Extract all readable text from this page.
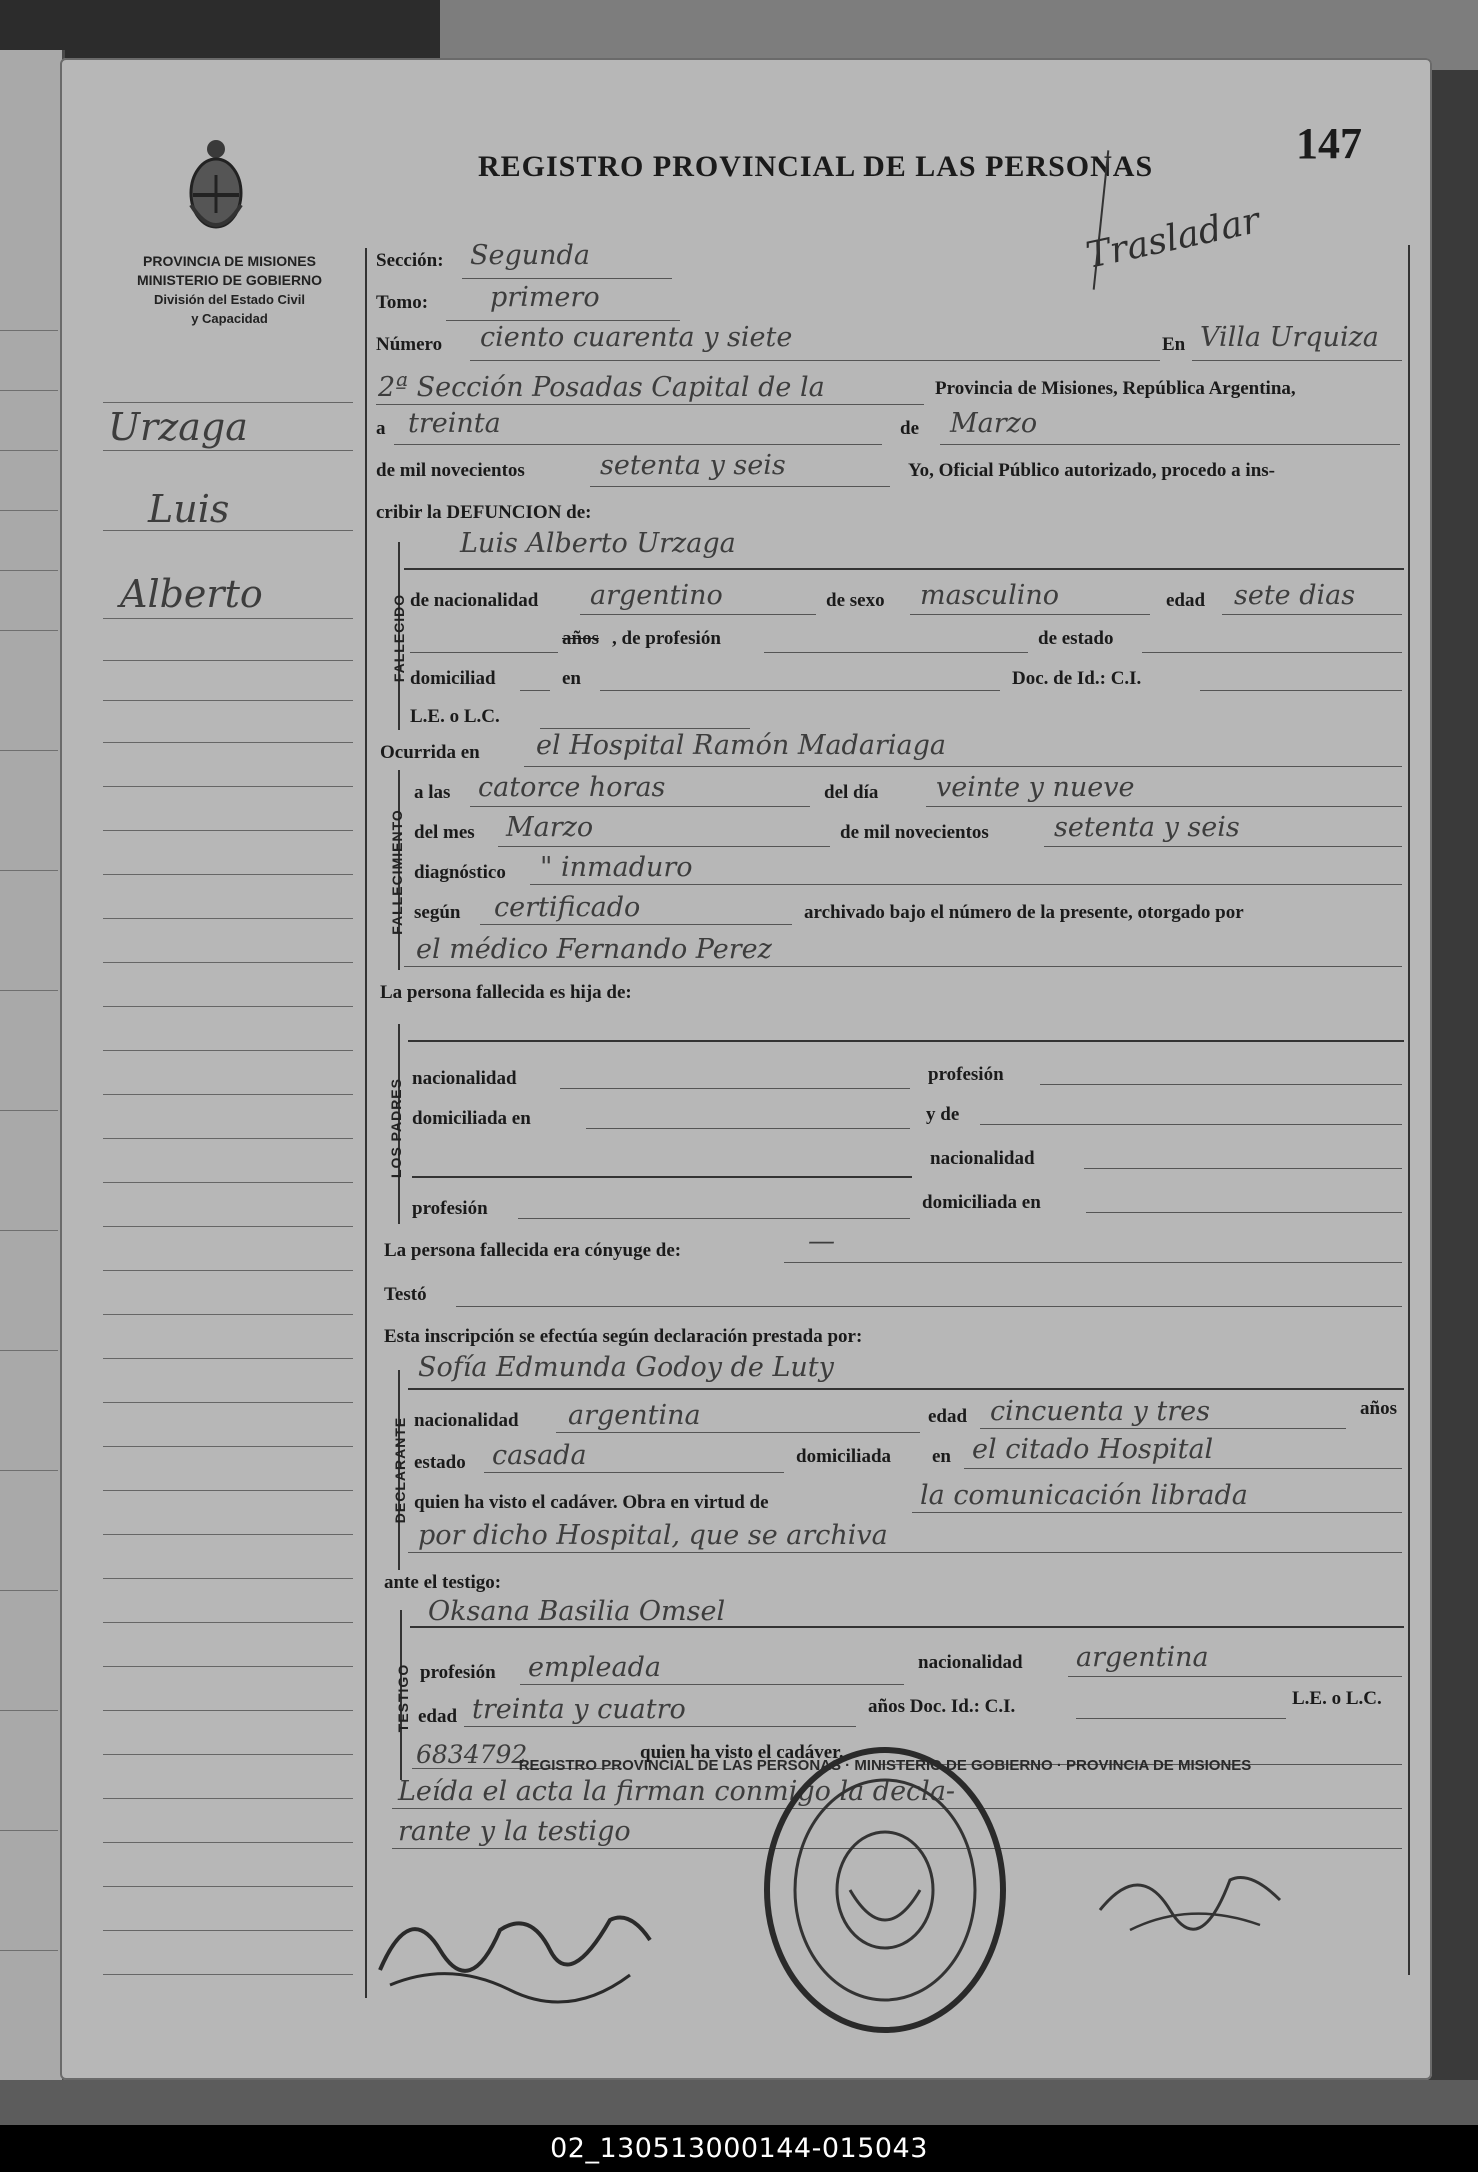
PROVINCIA DE MISIONES
MINISTERIO DE GOBIERNO
División del Estado Civil
y Capacidad
REGISTRO PROVINCIAL DE LAS PERSONAS	147
Trasladar
Urzaga
Luis
Alberto
Sección: Segunda
Tomo: primero
Número ciento cuarenta y siete	En Villa Urquiza
2ª Sección Posadas Capital de la	Provincia de Misiones, República Argentina,
a treinta	de Marzo
de mil novecientos	setenta y seis	Yo, Oficial Público autorizado, procedo a ins-
cribir la DEFUNCION de:
FALLECIDO
Luis Alberto Urzaga
de nacionalidad argentino	de sexo masculino	edad sete dias
años , de profesión	de estado
domiciliad	en	Doc. de Id.: C.I.
L.E. o L.C.
Ocurrida en el Hospital Ramón Madariaga
FALLECIMIENTO
a las catorce horas	del día veinte y nueve
del mes Marzo	de mil novecientos setenta y seis
diagnóstico " inmaduro
según certificado	archivado bajo el número de la presente, otorgado por
el médico Fernando Perez
La persona fallecida es hija de:
LOS PADRES nacionalidad	profesión
domiciliada en	y de
nacionalidad
profesión	domiciliada en
La persona fallecida era cónyuge de:	—
Testó
Esta inscripción se efectúa según declaración prestada por:
DECLARANTE
Sofía Edmunda Godoy de Luty
nacionalidad argentina	edad cincuenta y tres	años
estado casada	domiciliada en el citado Hospital
quien ha visto el cadáver. Obra en virtud de	la comunicación librada
por dicho Hospital, que se archiva
ante el testigo:
TESTIGO
Oksana Basilia Omsel
profesión empleada	nacionalidad argentina
edad treinta y cuatro	años Doc. Id.: C.I.	L.E. o L.C.
6834792	quien ha visto el cadáver.
Leída el acta la firman conmigo la decla-
rante y la testigo
REGISTRO PROVINCIAL DE LAS PERSONAS · MINISTERIO DE GOBIERNO · PROVINCIA DE MISIONES
02_130513000144-015043
